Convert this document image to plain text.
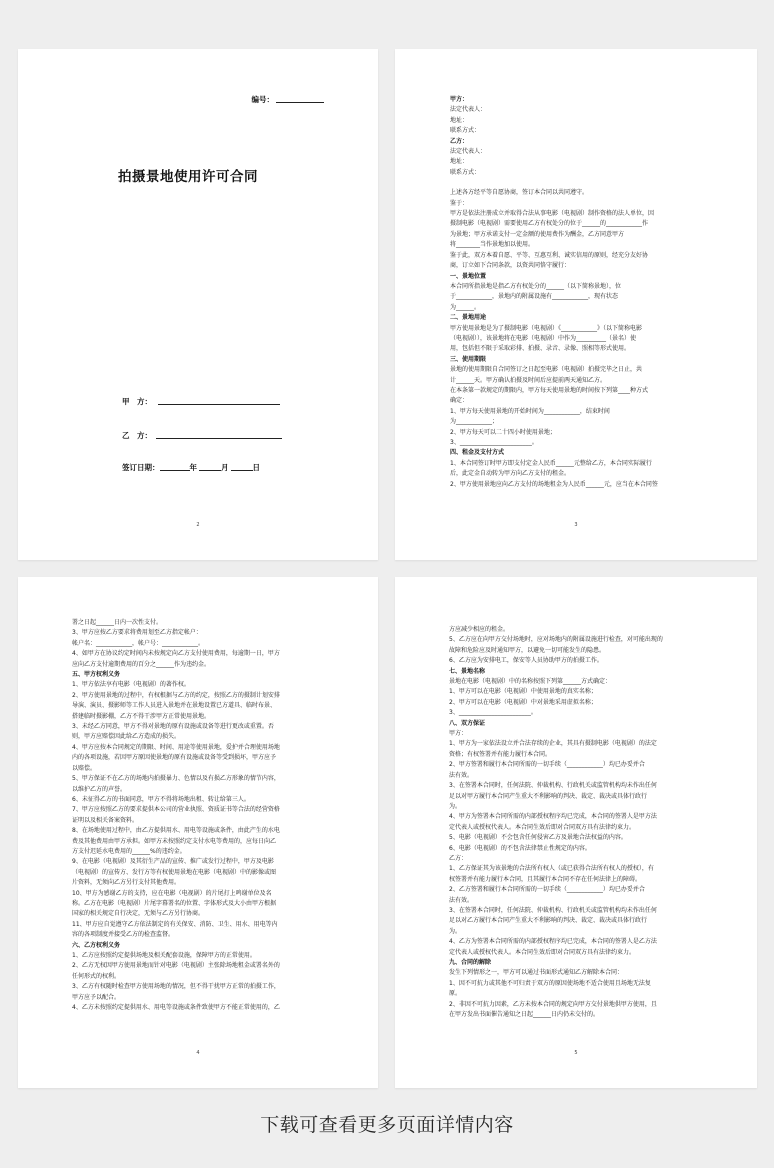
编号：
拍摄景地使用许可合同
甲　方：
乙　方：
签订日期：	年	月	日
2

甲方：

法定代表人：

地址：

联系方式：

乙方：

法定代表人：

地址：

联系方式：

上述各方经平等自愿协商，签订本合同以共同遵守。

鉴于：

甲方是依法注册成立并取得合法从事电影（电视剧）制作资格的法人单位，因

摄制电影（电视剧）需要使用乙方有权处分的位于______的____________作

为景地；甲方承诺支付一定金额的使用费作为酬金，乙方同意甲方

将________当作景地加以使用。

鉴于此，双方本着自愿、平等、互惠互利、诚实信用的原则，经充分友好协

商，订立如下合同条款，以资共同恪守履行：

一、景地位置

本合同所指景地是指乙方有权处分的______（以下简称景地），位

于____________，景地内的附属设施有____________，现有状态

为______。

二、景地用途

甲方使用景地是为了摄制电影（电视剧）《____________》（以下简称电影

（电视剧）），该景地将在电影（电视剧）中作为__________（景名）使

用，包括但不限于采取彩排、拍摄、录音、录像、照相等形式使用。

三、使用期限

景地的使用期限自合同签订之日起至电影（电视剧）拍摄完毕之日止，共

计______天。甲方确认拍摄及时间后应提前两天通知乙方。

在本条第一款规定的期限内，甲方每天使用景地的时间按下列第____种方式

确定：

1、甲方每天使用景地的开始时间为____________，结束时间

为____________；

2、甲方每天可以二十四小时使用景地；

3、________________________。

四、租金及支付方式

1、本合同签订时甲方即支付定金人民币______元整给乙方，本合同实际履行

后，此定金自动转为甲方向乙方支付的租金。

2、甲方使用景地应向乙方支付的场地租金为人民币______元，应当在本合同签

3

署之日起______日内一次性支付。

3、甲方应按乙方要求将费用划至乙方指定帐户：

帐户名：____________，帐户号：____________。

4、如甲方在协议约定时间内未按规定向乙方支付使用费用，每逾期一日，甲方

应向乙方支付逾期费用的百分之______作为违约金。

五、甲方权利义务

1、甲方依法享有电影（电视剧）的著作权。

2、甲方使用景地的过程中，有权根据与乙方的约定，按照乙方的摄制计划安排

导演、演员、摄影师等工作人员进入景地并在景地设置已方道具、临时布景、

搭建临时摄影棚，乙方不得干涉甲方正常使用景地。

3、未经乙方同意，甲方不得对景地的原有设施或设备等进行更改或重置。否

则，甲方应赔偿因此给乙方造成的损失。

4、甲方应按本合同规定的期限、时间、用途等使用景地，爱护并合理使用场地

内的各项设施，若因甲方原因使景地的原有设施或设备等受到损坏，甲方应予

以赔偿。

5、甲方保证不在乙方的场地内拍摄暴力、色情以及有损乙方形象的情节内容，

以维护乙方的声誉。

6、未征得乙方的书面同意，甲方不得将场地出租、转让给第三人。

7、甲方应按照乙方的要求提供本公司的营业执照、资质证书等合法的经营资格

证明以及相关备案资料。

8、在场地使用过程中，由乙方提供用水、用电等设施或条件，由此产生的水电

费及其他费用由甲方承担。如甲方未按照约定支付水电等费用的，应每日向乙

方支付迟延水电费用的______%的违约金。

9、在电影（电视剧）及其衍生产品的宣传、推广或发行过程中，甲方及电影

（电视剧）的宣传方、发行方等有权使用景地在电影（电视剧）中的影像或图

片资料，无须向乙方另行支付其他费用。

10、甲方为感谢乙方的支持，应在电影（电视剧）的片尾打上鸣谢单位及名

称。乙方在电影（电视剧）片尾字幕署名的位置、字体形式及大小由甲方根据

国家的相关规定自行决定，无须与乙方另行协商。

11、甲方应自觉遵守乙方依法制定的有关保安、消防、卫生、用水、用电等内

容的各项制度并接受乙方的检查监督。

六、乙方权利义务

1、乙方应按照约定提供场地及相关配套设施，保障甲方的正常使用。

2、乙方无权因甲方使用景地而针对电影（电视剧）主张除场地租金或署名外的

任何形式的权利。

3、乙方有权随时检查甲方使用场地的情况，但不得干扰甲方正常的拍摄工作，

甲方应予以配合。

4、乙方未按照约定提供用水、用电等设施或条件致使甲方不能正常使用的，乙

4

方应减少相应的租金。

5、乙方应在向甲方交付场地时，应对场地内的附属设施进行检查，对可能出现的

故障和危险应及时通知甲方，以避免一切可能发生的隐患。

6、乙方应为安排电工，保安等人员协助甲方的拍摄工作。

七、景地名称

景地在电影（电视剧）中的名称按照下列第______方式确定：

1、甲方可以在电影（电视剧）中使用景地的真实名称；

2、甲方可以在电影（电视剧）中对景地采用虚拟名称；

3、________________________。

八、双方保证

甲方：

1、甲方为一家依法设立并合法存续的企业，其具有摄制电影（电视剧）的法定

资格；有权签署并有能力履行本合同。

2、甲方签署和履行本合同所需的一切手续（____________）均已办妥并合

法有效。

3、在签署本合同时，任何法院、仲裁机构、行政机关或监管机构均未作出任何

足以对甲方履行本合同产生重大不利影响的判决、裁定、裁决或具体行政行

为。

4、甲方为签署本合同所需的内部授权程序均已完成，本合同的签署人是甲方法

定代表人或授权代表人。本合同生效后即对合同双方具有法律约束力。

5、电影（电视剧）不会包含任何侵害乙方及景地合法权益的内容。

6、电影（电视剧）的不包含法律禁止性规定的内容。

乙方：

1、乙方保证其为该景地的合法所有权人（或已获得合法所有权人的授权），有

权签署并有能力履行本合同，且其履行本合同不存在任何法律上的障碍。

2、乙方签署和履行本合同所需的一切手续（____________）均已办妥并合

法有效。

3、在签署本合同时，任何法院、仲裁机构、行政机关或监管机构均未作出任何

足以对乙方履行本合同产生重大不利影响的判决、裁定、裁决或具体行政行

为。

4、乙方为签署本合同所需的内部授权程序均已完成，本合同的签署人是乙方法

定代表人或授权代表人。本合同生效后即对合同双方具有法律约束力。

九、合同的解除

发生下列情形之一，甲方可以通过书面形式通知乙方解除本合同：

1、因不可抗力或其他不可归责于双方的原因使场地不适合使用且场地无法复

原。

2、非因不可抗力因素，乙方未按本合同的规定向甲方交付景地供甲方使用，且

在甲方发出书面催告通知之日起______日内仍未交付的。

5
下载可查看更多页面详情内容
